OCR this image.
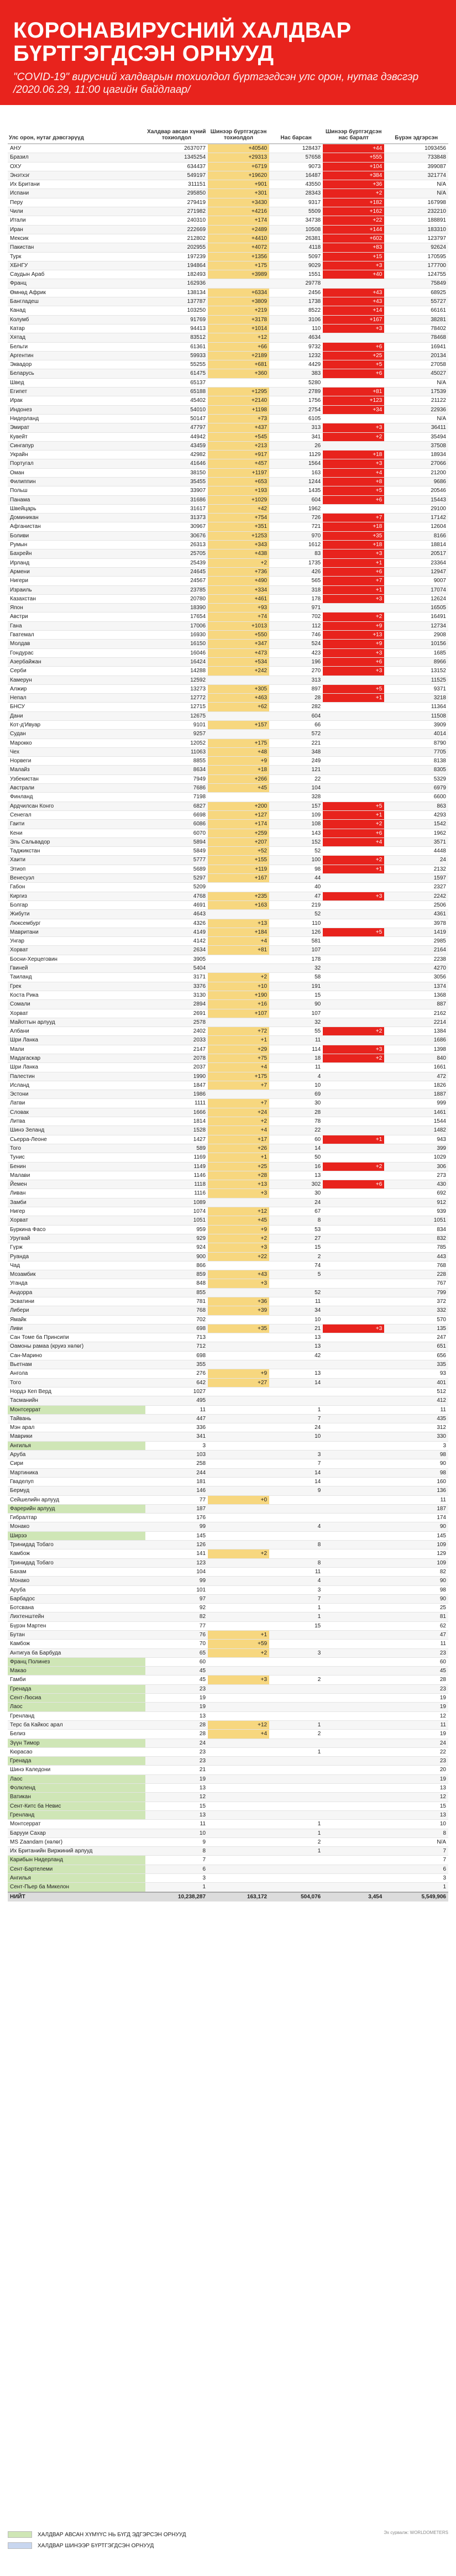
КОРОНАВИРУСНИЙ ХАЛДВАР БҮРТГЭГДСЭН ОРНУУД

"COVID-19" вирусний халдварын тохиолдол бүртгэгдсэн улс орон, нутаг дэвсгэр /2020.06.29, 11:00 цагийн байдлаар/

Улс орон, нутаг дэвсгэрүүд	Халдвар авсан хүний тохиолдол	Шинээр бүртгэгдсэн тохиолдол	Нас барсан	Шинээр бүртгэгдсэн нас баралт	Бүрэн эдгэрсэн
АНУ	2637077	+40540	128437	+44	1093456
Бразил	1345254	+29313	57658	+555	733848
ОХУ	634437	+6719	9073	+104	399087
Энэтхэг	549197	+19620	16487	+384	321774
Их Британи	311151	+901	43550	+36	N/A
Испани	295850	+301	28343	+2	N/A
Перу	279419	+3430	9317	+182	167998
Чили	271982	+4216	5509	+162	232210
Итали	240310	+174	34738	+22	188891
Иран	222669	+2489	10508	+144	183310
Мексик	212802	+4410	26381	+602	123797
Пакистан	202955	+4072	4118	+83	92624
Турк	197239	+1356	5097	+15	170595
ХБНГУ	194864	+175	9029	+3	177700
Саудын Араб	182493	+3989	1551	+40	124755
Франц	162936		29778		75849
Өмнөд Африк	138134	+6334	2456	+43	68925
Бангладеш	137787	+3809	1738	+43	55727
Канад	103250	+219	8522	+14	66161
Колумб	91769	+3178	3106	+167	38281
Катар	94413	+1014	110	+3	78402
Хятад	83512	+12	4634		78468
Бельги	61361	+66	9732	+6	16941
Аргентин	59933	+2189	1232	+25	20134
Эквадор	55255	+681	4429	+5	27058
Беларусь	61475	+360	383	+6	45027
Швед	65137		5280		N/A
Египет	65188	+1295	2789	+81	17539
Ирак	45402	+2140	1756	+123	21122
Индонез	54010	+1198	2754	+34	22936
Нидерланд	50147	+73	6105		N/A
Эмират	47797	+437	313	+3	36411
Кувейт	44942	+545	341	+2	35494
Сингапур	43459	+213	26		37508
Украйн	42982	+917	1129	+18	18934
Португал	41646	+457	1564	+3	27066
Оман	38150	+1197	163	+4	21200
Филиппин	35455	+653	1244	+8	9686
Польш	33907	+193	1435	+5	20546
Панама	31686	+1029	604	+6	15443
Швейцарь	31617	+42	1962		29100
Доминикан	31373	+754	726	+7	17142
Афганистан	30967	+351	721	+18	12604
Боливи	30676	+1253	970	+35	8166
Румын	26313	+343	1612	+18	18814
Бахрейн	25705	+438	83	+3	20517
Ирланд	25439	+2	1735	+1	23364
Армени	24645	+736	426	+6	12947
Нигери	24567	+490	565	+7	9007
Израиль	23785	+334	318	+1	17074
Казахстан	20780	+461	178	+3	12624
Япон	18390	+93	971		16505
Австри	17654	+74	702	+2	16491
Гана	17006	+1013	112	+9	12734
Гватемал	16930	+550	746	+13	2908
Молдав	16150	+347	524	+9	10156
Гондурас	16046	+473	423	+3	1685
Азербайжан	16424	+534	196	+6	8966
Серби	14288	+242	270	+3	13152
Камерун	12592		313		11525
Алжир	13273	+305	897	+5	9371
Непал	12772	+463	28	+1	3218
БНСУ	12715	+62	282		11364
Дани	12675		604		11508
Кот-д'Ивуар	9101	+157	66		3909
Судан	9257		572		4014
Марокко	12052	+175	221		8790
Чех	11063	+48	348		7705
Норвеги	8855	+9	249		8138
Малайз	8634	+18	121		8305
Узбекистан	7949	+266	22		5329
Австрали	7686	+45	104		6979
Финланд	7198		328		6600
Ардчилсан Конго	6827	+200	157	+5	863
Сенегал	6698	+127	109	+1	4293
Гаити	6086	+174	108	+2	1542
Кени	6070	+259	143	+6	1962
Эль Сальвадор	5894	+207	152	+4	3571
Таджикстан	5849	+52	52		4448
Хаити	5777	+155	100	+2	24
Этиоп	5689	+119	98	+1	2132
Венесуэл	5297	+167	44		1597
Габон	5209		40		2327
Киргиз	4768	+235	47	+3	2242
Болгар	4691	+163	219		2506
Жибути	4643		52		4361
Люксембург	4326	+13	110		3978
Мавритани	4149	+184	126	+5	1419
Унгар	4142	+4	581		2985
Хорват	2634	+81	107		2164
Босни-Херцеговин	3905		178		2238
Гвиней	5404		32		4270
Таиланд	3171	+2	58		3056
Грек	3376	+10	191		1374
Коста Рика	3130	+190	15		1368
Сомали	2894	+16	90		887
Хорват	2691	+107	107		2162
Майоттын арлууд	2578		32		2214
Албани	2402	+72	55	+2	1384
Шри Ланка	2033	+1	11		1686
Мали	2147	+29	114	+3	1398
Мадагаскар	2078	+75	18	+2	840
Шри Ланка	2037	+4	11		1661
Палестин	1990	+175	4		472
Исланд	1847	+7	10		1826
Эстони	1986		69		1887
Латви	1111	+7	30		999
Словак	1666	+24	28		1461
Литва	1814	+2	78		1544
Шинэ Зеланд	1528	+4	22		1482
Сьерра-Леоне	1427	+17	60	+1	943
Того	589	+26	14		399
Тунис	1169	+1	50		1029
Бенин	1149	+25	16	+2	306
Малави	1146	+28	13		273
Йемен	1118	+13	302	+6	430
Ливан	1116	+3	30		692
Замби	1089		24		912
Нигер	1074	+12	67		939
Хорват	1051	+45	8		1051
Буркина Фасо	959	+9	53		834
Уругвай	929	+2	27		832
Гүрж	924	+3	15		785
Руанда	900	+22	2		443
Чад	866		74		768
Мозамбик	859	+43	5		228
Уганда	848	+3			767
Андорра	855		52		799
Эсватини	781	+36	11		372
Либери	768	+39	34		332
Ямайк	702		10		570
Ливи	698	+35	21	+3	135
Сан Томе ба Принсипи	713		13		247
Оамоны рамаа (круиз хөлөг)	712		13		651
Сан-Марино	698		42		656
Вьетнам	355				335
Ангола	276	+9	13		93
Тогo	642	+27	14		401
Нордэ Кеп Верд	1027				512
Тасманийн	495				412
Монтсеррат	11		1		11
Тайвань	447		7		435
Мэн арал	336		24		312
Маврики	341		10		330
Ангилья	3				3
Аруба	103		3		98
Сири	258		7		90
Мартиника	244		14		98
Гваделуп	181		14		160
Бермуд	146		9		136
Сейшелийн арлууд	77	+0			11
Фарерийн арлууд	187				187
Гибралтар	176				174
Монако	99		4		90
Ширээ	145				145
Тринидад Тобаго	126		8		109
Камбож	141	+2			129
Тринидад Тобаго	123		8		109
Бахам	104		11		82
Монако	99		4		90
Аруба	101		3		98
Барбадос	97		7		90
Ботсвана	92		1		25
Лихтенштейн	82		1		81
Бүрэн Мартен	77		15		62
Бутан	76	+1			47
Камбож	70	+59			11
Антигуа ба Барбуда	65	+2	3		23
Франц Полинез	60				60
Макао	45				45
Гамби	45	+3	2		28
Гренада	23				23
Сент-Люсиа	19				19
Лаос	19				19
Гренланд	13				12
Терс ба Кайкос арал	28	+12	1		11
Белиз	28	+4	2		19
Зүүн Тимор	24				24
Кюрасао	23		1		22
Гренада	23				23
Шинэ Каледони	21				20
Лаос	19				19
Фолкленд	13				13
Ватикан	12				12
Сент-Китс ба Невис	15				15
Гренланд	13				13
Монтсеррат	11		1		10
Барууи Сахар	10		1		8
MS Zaandam (хөлөг)	9		2		N/A
Их Британийн Виржиний арлууд	8		1		7
Карибын Нидерланд	7				7
Сент-Бартелеми	6				6
Ангилья	3				3
Сент-Пьер ба Микелон	1				1
НИЙТ	10,238,287	163,172	504,076	3,454	5,549,906
ХАЛДВАР АВСАН ХҮМҮҮС НЬ БҮГД ЭДГЭРСЭН ОРНУУД
ХАЛДВАР ШИНЭЭР БҮРТГЭГДСЭН ОРНУУД
Эх сурвалж: WORLDOMETERS
